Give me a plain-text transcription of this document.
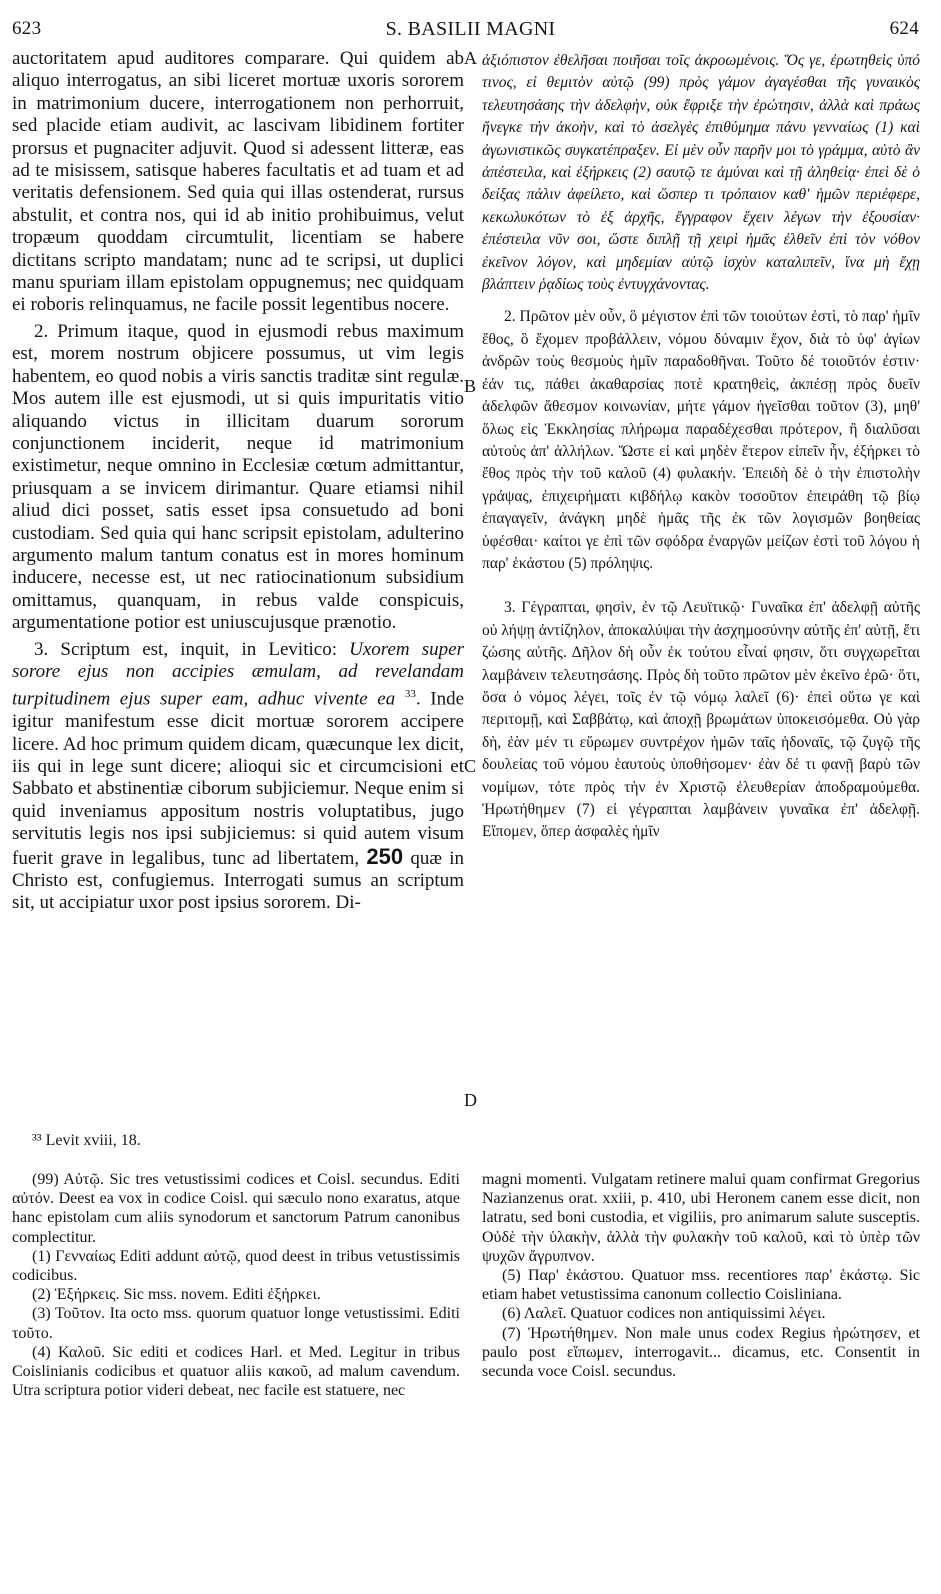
623	S. BASILII MAGNI	624

auctoritatem apud auditores comparare. Qui quidem ab aliquo interrogatus, an sibi liceret mortuæ uxoris sororem in matrimonium ducere, interrogationem non perhorruit, sed placide etiam audivit, ac lascivam libidinem fortiter prorsus et pugnaciter adjuvit. Quod si adessent litteræ, eas ad te misissem, satisque haberes facultatis et ad tuam et ad veritatis defensionem. Sed quia qui illas ostenderat, rursus abstulit, et contra nos, qui id ab initio prohibuimus, velut tropæum quoddam circumtulit, licentiam se habere dictitans scripto mandatam; nunc ad te scripsi, ut duplici manu spuriam illam epistolam oppugnemus; nec quidquam ei roboris relinquamus, ne facile possit legentibus nocere.

2. Primum itaque, quod in ejusmodi rebus maximum est, morem nostrum objicere possumus, ut vim legis habentem, eo quod nobis a viris sanctis traditæ sint regulæ. Mos autem ille est ejusmodi, ut si quis impuritatis vitio aliquando victus in illicitam duarum sororum conjunctionem inciderit, neque id matrimonium existimetur, neque omnino in Ecclesiæ cœtum admittantur, priusquam a se invicem dirimantur. Quare etiamsi nihil aliud dici posset, satis esset ipsa consuetudo ad boni custodiam. Sed quia qui hanc scripsit epistolam, adulterino argumento malum tantum conatus est in mores hominum inducere, necesse est, ut nec ratiocinationum subsidium omittamus, quanquam, in rebus valde conspicuis, argumentatione potior est uniuscujusque prænotio.

3. Scriptum est, inquit, in Levitico: Uxorem super sorore ejus non accipies æmulam, ad revelandam turpitudinem ejus super eam, adhuc vivente ea $^{33}$. Inde igitur manifestum esse dicit mortuæ sororem accipere licere. Ad hoc primum quidem dicam, quæcunque lex dicit, iis qui in lege sunt dicere; alioqui sic et circumcisioni et Sabbato et abstinentiæ ciborum subjiciemur. Neque enim si quid inveniamus appositum nostris voluptatibus, jugo servitutis legis nos ipsi subjiciemus: si quid autem visum fuerit grave in legalibus, tunc ad libertatem, 250 quæ in Christo est, confugiemus. Interrogati sumus an scriptum sit, ut accipiatur uxor post ipsius sororem. Di-

A
B
C
D

ἀξιόπιστον ἐθελῆσαι ποιῆσαι τοῖς ἀκροωμένοις. Ὅς γε, ἐρωτηθεὶς ὑπό τινος, εἰ θεμιτὸν αὐτῷ (99) πρὸς γάμον ἀγαγέσθαι τῆς γυναικὸς τελευτησάσης τὴν ἀδελφὴν, οὐκ ἔφριξε τὴν ἐρώτησιν, ἀλλὰ καὶ πράως ἤνεγκε τὴν ἀκοὴν, καὶ τὸ ἀσελγὲς ἐπιθύμημα πάνυ γενναίως (1) καὶ ἀγωνιστικῶς συγκατέπραξεν. Εἰ μὲν οὖν παρῆν μοι τὸ γράμμα, αὐτὸ ἂν ἀπέστειλα, καὶ ἐξήρκεις (2) σαυτῷ τε ἀμύναι καὶ τῇ ἀληθείᾳ· ἐπεὶ δὲ ὁ δείξας πάλιν ἀφείλετο, καὶ ὥσπερ τι τρόπαιον καθ' ἡμῶν περιέφερε, κεκωλυκότων τὸ ἐξ ἀρχῆς, ἔγγραφον ἔχειν λέγων τὴν ἐξουσίαν· ἐπέστειλα νῦν σοι, ὥστε διπλῇ τῇ χειρὶ ἡμᾶς ἐλθεῖν ἐπὶ τὸν νόθον ἐκεῖνον λόγον, καὶ μηδεμίαν αὐτῷ ἰσχὺν καταλιπεῖν, ἵνα μὴ ἔχῃ βλάπτειν ῥᾳδίως τοὺς ἐντυγχάνοντας.

2. Πρῶτον μὲν οὖν, ὃ μέγιστον ἐπὶ τῶν τοιούτων ἐστὶ, τὸ παρ' ἡμῖν ἔθος, ὃ ἔχομεν προβάλλειν, νόμου δύναμιν ἔχον, διὰ τὸ ὑφ' ἁγίων ἀνδρῶν τοὺς θεσμοὺς ἡμῖν παραδοθῆναι. Τοῦτο δέ τοιοῦτόν ἐστιν· ἐάν τις, πάθει ἀκαθαρσίας ποτὲ κρατηθεὶς, ἀκπέσῃ πρὸς δυεῖν ἀδελφῶν ἄθεσμον κοινωνίαν, μήτε γάμον ἡγεῖσθαι τοῦτον (3), μηθ' ὅλως εἰς Ἐκκλησίας πλήρωμα παραδέχεσθαι πρότερον, ἢ διαλῦσαι αὐτοὺς ἀπ' ἀλλήλων. Ὥστε εἰ καὶ μηδὲν ἕτερον εἰπεῖν ἦν, ἐξήρκει τὸ ἔθος πρὸς τὴν τοῦ καλοῦ (4) φυλακήν. Ἐπειδὴ δὲ ὁ τὴν ἐπιστολὴν γράψας, ἐπιχειρήματι κιβδήλῳ κακὸν τοσοῦτον ἐπειράθη τῷ βίῳ ἐπαγαγεῖν, ἀνάγκη μηδὲ ἡμᾶς τῆς ἐκ τῶν λογισμῶν βοηθείας ὑφέσθαι· καίτοι γε ἐπὶ τῶν σφόδρα ἐναργῶν μείζων ἐστὶ τοῦ λόγου ἡ παρ' ἑκάστου (5) πρόληψις.

3. Γέγραπται, φησὶν, ἐν τῷ Λευϊτικῷ· Γυναῖκα ἐπ' ἀδελφῇ αὐτῆς οὐ λήψῃ ἀντίζηλον, ἀποκαλύψαι τὴν ἀσχημοσύνην αὐτῆς ἐπ' αὐτῇ, ἔτι ζώσης αὐτῆς. Δῆλον δὴ οὖν ἐκ τούτου εἶναί φησιν, ὅτι συγχωρεῖται λαμβάνειν τελευτησάσης. Πρὸς δὴ τοῦτο πρῶτον μὲν ἐκεῖνο ἐρῶ· ὅτι, ὅσα ὁ νόμος λέγει, τοῖς ἐν τῷ νόμῳ λαλεῖ (6)· ἐπεὶ οὕτω γε καὶ περιτομῇ, καὶ Σαββάτῳ, καὶ ἀποχῇ βρωμάτων ὑποκεισόμεθα. Οὐ γὰρ δὴ, ἐὰν μέν τι εὕρωμεν συντρέχον ἡμῶν ταῖς ἡδοναῖς, τῷ ζυγῷ τῆς δουλείας τοῦ νόμου ἑαυτοὺς ὑποθήσομεν· ἐὰν δέ τι φανῇ βαρὺ τῶν νομίμων, τότε πρὸς τὴν ἐν Χριστῷ ἐλευθερίαν ἀποδραμούμεθα. Ἠρωτήθημεν (7) εἰ γέγραπται λαμβάνειν γυναῖκα ἐπ' ἀδελφῇ. Εἴπομεν, ὅπερ ἀσφαλὲς ἡμῖν

³³ Levit xviii, 18.

(99) Αὐτῷ. Sic tres vetustissimi codices et Coisl. secundus. Editi αὐτόν. Deest ea vox in codice Coisl. qui sæculo nono exaratus, atque hanc epistolam cum aliis synodorum et sanctorum Patrum canonibus complectitur.

(1) Γενναίως Editi addunt αὐτῷ, quod deest in tribus vetustissimis codicibus.

(2) Ἐξήρκεις. Sic mss. novem. Editi ἐξήρκει.

(3) Τοῦτον. Ita octo mss. quorum quatuor longe vetustissimi. Editi τοῦτο.

(4) Καλοῦ. Sic editi et codices Harl. et Med. Legitur in tribus Coislinianis codicibus et quatuor aliis κακοῦ, ad malum cavendum. Utra scriptura potior videri debeat, nec facile est statuere, nec

magni momenti. Vulgatam retinere malui quam confirmat Gregorius Nazianzenus orat. xxiii, p. 410, ubi Heronem canem esse dicit, non latratu, sed boni custodia, et vigiliis, pro animarum salute susceptis. Οὐδὲ τὴν ὑλακὴν, ἀλλὰ τὴν φυλακὴν τοῦ καλοῦ, καὶ τὸ ὑπὲρ τῶν ψυχῶν ἄγρυπνον.

(5) Παρ' ἑκάστου. Quatuor mss. recentiores παρ' ἑκάστῳ. Sic etiam habet vetustissima canonum collectio Coisliniana.

(6) Λαλεῖ. Quatuor codices non antiquissimi λέγει.

(7) Ἠρωτήθημεν. Non male unus codex Regius ἠρώτησεν, et paulo post εἴπωμεν, interrogavit... dicamus, etc. Consentit in secunda voce Coisl. secundus.
